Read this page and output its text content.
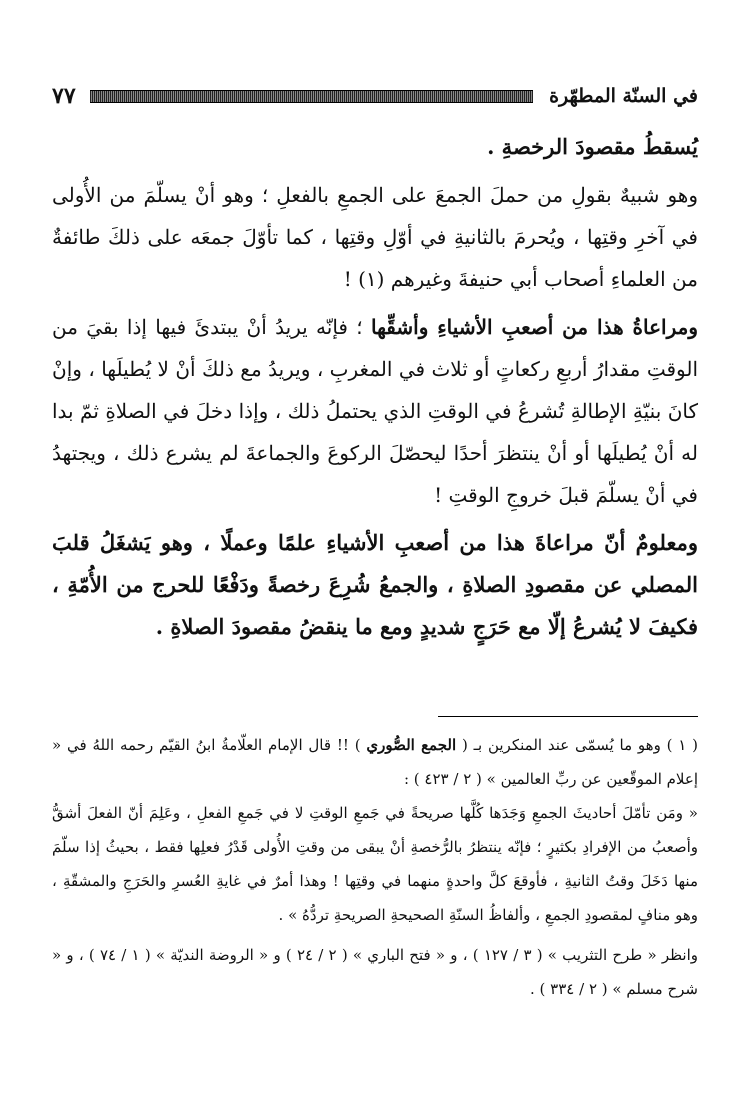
في السنّة المطهّرة
٧٧

يُسقطُ مقصودَ الرخصةِ .

وهو شبيهٌ بقولِ من حملَ الجمعَ على الجمعِ بالفعلِ ؛ وهو أنْ يسلّمَ من الأُولى في آخرِ وقتِها ، ويُحرمَ بالثانيةِ في أوّلِ وقتِها ، كما تأوّلَ جمعَه على ذلكَ طائفةٌ من العلماءِ أصحاب أبي حنيفةَ وغيرهم (١) !

ومراعاةُ هذا من أصعبِ الأشياءِ وأشقِّها ؛ فإنّه يريدُ أنْ يبتدئَ فيها إذا بقيَ من الوقتِ مقدارُ أربعِ ركعاتٍ أو ثلاث في المغربِ ، ويريدُ مع ذلكَ أنْ لا يُطيلَها ، وإنْ كانَ بنيّةِ الإطالةِ تُشرعُ في الوقتِ الذي يحتملُ ذلك ، وإذا دخلَ في الصلاةِ ثمّ بدا له أنْ يُطيلَها أو أنْ ينتظرَ أحدًا ليحصّلَ الركوعَ والجماعةَ لم يشرع ذلك ، ويجتهدُ في أنْ يسلّمَ قبلَ خروجِ الوقتِ !

ومعلومٌ أنّ مراعاةَ هذا من أصعبِ الأشياءِ علمًا وعملًا ، وهو يَشغَلُ قلبَ المصلي عن مقصودِ الصلاةِ ، والجمعُ شُرِعَ رخصةً ودَفْعًا للحرج من الأُمّةِ ، فكيفَ لا يُشرعُ إلّا مع حَرَجٍ شديدٍ ومع ما ينقضُ مقصودَ الصلاةِ .

( ١ ) وهو ما يُسمّى عند المنكرين بـ ( الجمع الصُّوري ) !! قال الإمام العلّامةُ ابنُ القيّم رحمه اللهُ في « إعلام الموقّعين عن ربِّ العالمين » ( ٢ / ٤٢٣ ) :

« ومَن تأمّلَ أحاديثَ الجمعِ وَجَدَها كُلَّها صريحةً في جَمعِ الوقتِ لا في جَمعِ الفعلِ ، وعَلِمَ أنّ الفعلَ أشقُّ وأصعبُ من الإفرادِ بكثيرٍ ؛ فإنّه ينتظرُ بالرُّخصةِ أنْ يبقى من وقتِ الأُولى قَدْرُ فعلِها فقط ، بحيثُ إذا سلّمَ منها دَخَلَ وقتُ الثانيةِ ، فأوقعَ كلَّ واحدةٍ منهما في وقتِها ! وهذا أمرٌ في غايةِ العُسرِ والحَرَجِ والمشقّةِ ، وهو منافٍ لمقصودِ الجمعِ ، وألفاظُ السنّةِ الصحيحةِ الصريحةِ تردُّهُ » .

وانظر « طرح التثريب » ( ٣ / ١٢٧ ) ، و « فتح الباري » ( ٢ / ٢٤ ) و « الروضة النديّة » ( ١ / ٧٤ ) ، و « شرح مسلم » ( ٢ / ٣٣٤ ) .
